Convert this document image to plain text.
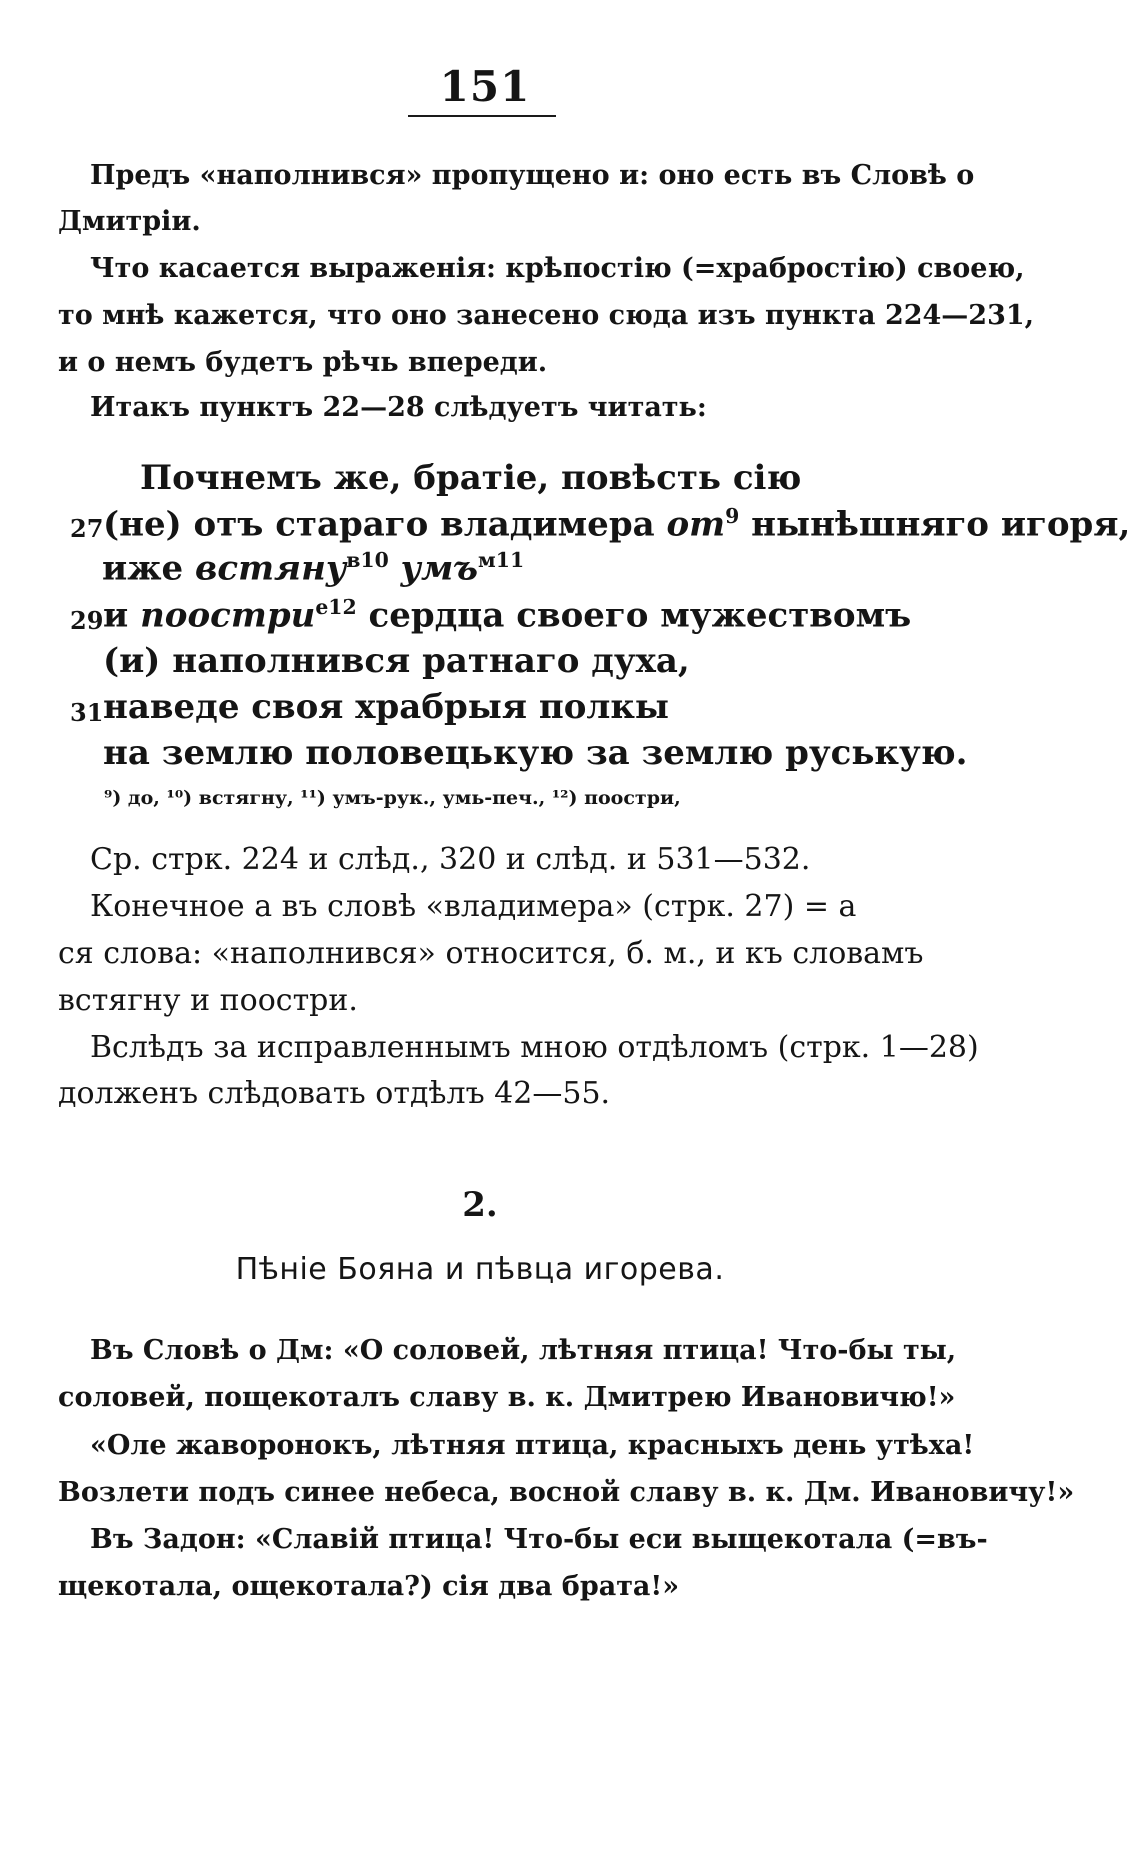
151
Предъ «наполнився» пропущено и: оно есть въ Словѣ о
Дмитріи.
Что касается выраженія: крѣпостію (=храбростію) своею,
то мнѣ кажется, что оно занесено сюда изъ пункта 224—231,
и о немъ будетъ рѣчь впереди.
Итакъ пунктъ 22—28 слѣдуетъ читать:
Почнемъ же, братіе, повѣсть сію
27 (не) отъ стараго владимера $от^9$ нынѣшняго игоря,
иже встяну$^{в10}$ умъ$^{м11}$
29 и поостри$^{е12}$ сердца своего мужествомъ
(и) наполнився ратнаго духа,
31 наведе своя храбрыя полкы
на землю половецькую за землю руськую.
⁹) до, ¹⁰) встягну, ¹¹) умъ-рук., умь-печ., ¹²) поостри,
Ср. стрк. 224 и слѣд., 320 и слѣд. и 531—532.
Конечное а въ словѣ «владимера» (стрк. 27) = а
ся слова: «наполнився» относится, б. м., и къ словамъ
встягну и поостри.
Вслѣдъ за исправленнымъ мною отдѣломъ (стрк. 1—28)
долженъ слѣдовать отдѣлъ 42—55.
2.
Пѣніе Бояна и пѣвца игорева.
Въ Словѣ о Дм: «О соловей, лѣтняя птица! Что-бы ты,
соловей, пощекоталъ славу в. к. Дмитрею Ивановичю!»
«Оле жаворонокъ, лѣтняя птица, красныхъ день утѣха!
Возлети подъ синее небеса, восной славу в. к. Дм. Ивановичу!»
Въ Задон: «Славій птица! Что-бы еси выщекотала (=въ-
щекотала, ощекотала?) сія два брата!»
